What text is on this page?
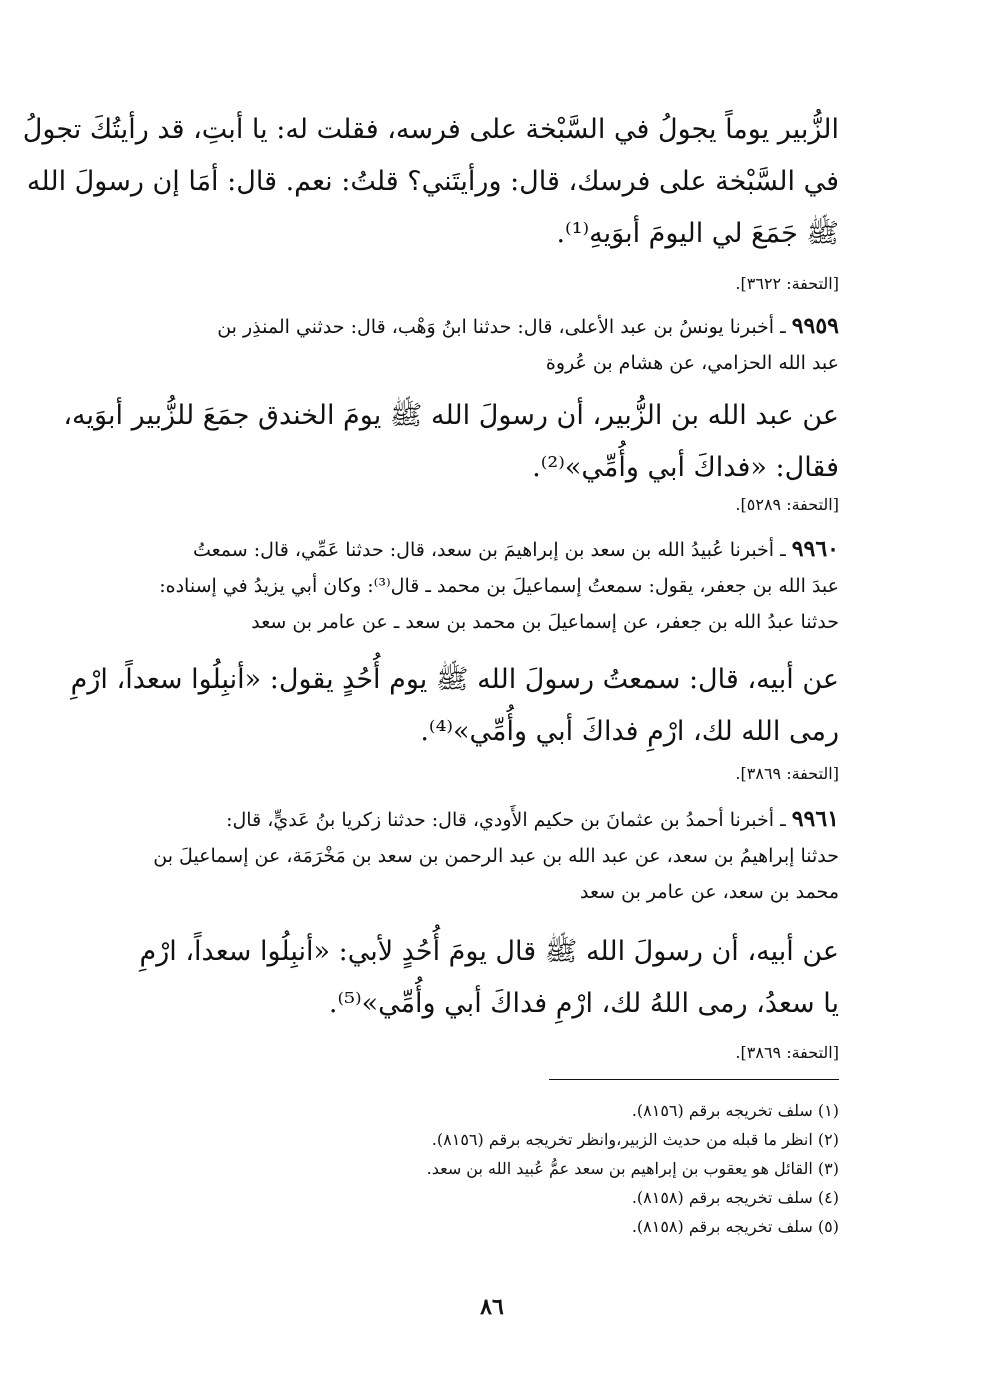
الزُّبير يوماً يجولُ في السَّبْخة على فرسه، فقلت له: يا أبتِ، قد رأيتُكَ تجولُ
في السَّبْخة على فرسك، قال: ورأيتَني؟ قلتُ: نعم. قال: أمَا إن رسولَ الله
ﷺ جَمَعَ لي اليومَ أبوَيهِ⁽¹⁾.
[التحفة: ٣٦٢٢].
٩٩٥٩ ـ أخبرنا يونسُ بن عبد الأعلى، قال: حدثنا ابنُ وَهْب، قال: حدثني المنذِر بن
عبد الله الحزامي، عن هشام بن عُروة
عن عبد الله بن الزُّبير، أن رسولَ الله ﷺ يومَ الخندق جمَعَ للزُّبير أبوَيه،
فقال: «فداكَ أبي وأُمِّي»⁽²⁾.
[التحفة: ٥٢٨٩].
٩٩٦٠ ـ أخبرنا عُبيدُ الله بن سعد بن إبراهيمَ بن سعد، قال: حدثنا عَمِّي، قال: سمعتُ
عبدَ الله بن جعفر، يقول: سمعتُ إسماعيلَ بن محمد ـ قال⁽³⁾: وكان أبي يزيدُ في إسناده:
حدثنا عبدُ الله بن جعفر، عن إسماعيلَ بن محمد بن سعد ـ عن عامر بن سعد
عن أبيه، قال: سمعتُ رسولَ الله ﷺ يوم أُحُدٍ يقول: «أنبِلُوا سعداً، ارْمِ
رمى الله لك، ارْمِ فداكَ أبي وأُمِّي»⁽⁴⁾.
[التحفة: ٣٨٦٩].
٩٩٦١ ـ أخبرنا أحمدُ بن عثمانَ بن حكيم الأَودي، قال: حدثنا زكريا بنُ عَديٍّ، قال:
حدثنا إبراهيمُ بن سعد، عن عبد الله بن عبد الرحمن بن سعد بن مَخْرَمَة، عن إسماعيلَ بن
محمد بن سعد، عن عامر بن سعد
عن أبيه، أن رسولَ الله ﷺ قال يومَ أُحُدٍ لأبي: «أنبِلُوا سعداً، ارْمِ
يا سعدُ، رمى اللهُ لك، ارْمِ فداكَ أبي وأُمِّي»⁽⁵⁾.
[التحفة: ٣٨٦٩].
(١) سلف تخريجه برقم (٨١٥٦).
(٢) انظر ما قبله من حديث الزبير،وانظر تخريجه برقم (٨١٥٦).
(٣) القائل هو يعقوب بن إبراهيم بن سعد عمُّ عُبيد الله بن سعد.
(٤) سلف تخريجه برقم (٨١٥٨).
(٥) سلف تخريجه برقم (٨١٥٨).
٨٦
